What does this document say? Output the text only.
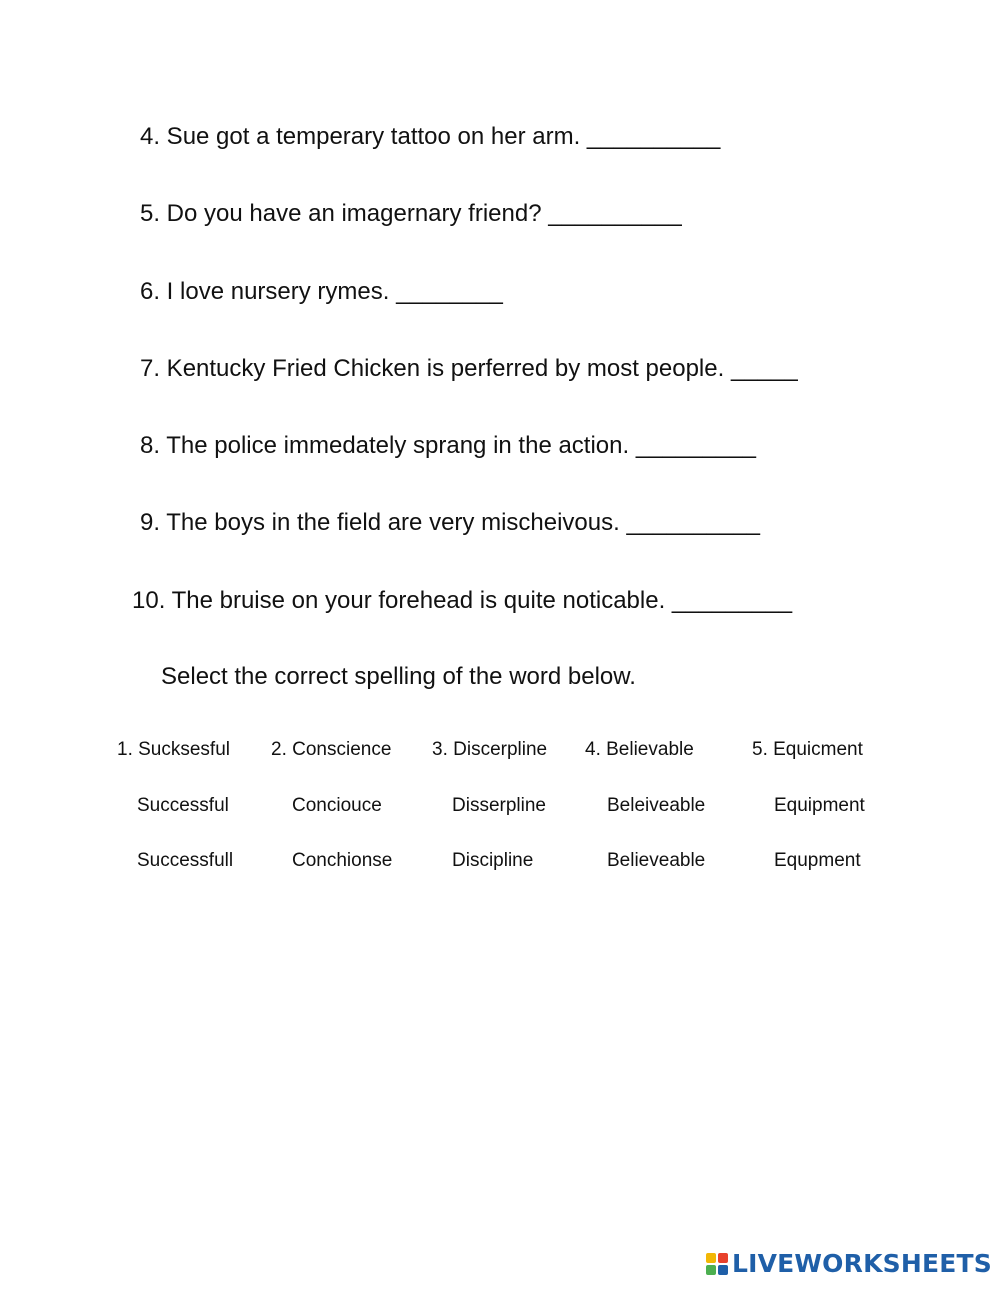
4. Sue got a temperary tattoo on her arm. __________
5. Do you have an imagernary friend? __________
6. I love nursery rymes. ________
7. Kentucky Fried Chicken is perferred by most people. _____
8. The police immedately sprang in the action. _________
9. The boys in the field are very mischeivous. __________
10. The bruise on your forehead is quite noticable. _________
Select the correct spelling of the word below.
1. Sucksesful 2. Conscience 3. Discerpline 4. Believable	5. Equicment
Successful	Conciouce	Disserpline	Beleiveable	Equipment
Successfull	Conchionse	Discipline	Believeable	Equpment
LIVEWORKSHEETS
